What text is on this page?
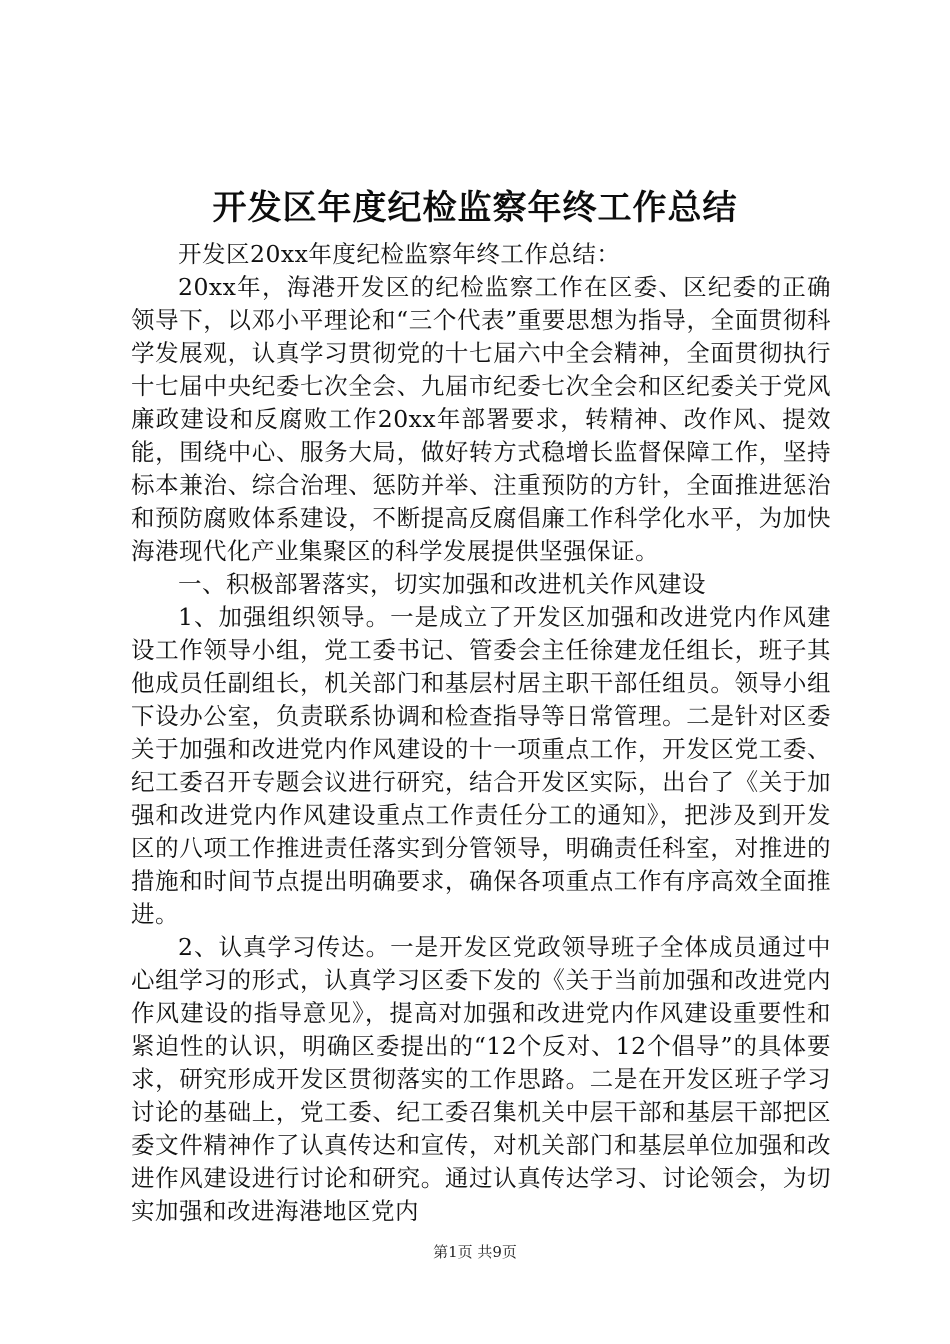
开发区年度纪检监察年终工作总结

开发区20xx年度纪检监察年终工作总结：

20xx年，海港开发区的纪检监察工作在区委、区纪委的正确领导下，以邓小平理论和“三个代表”重要思想为指导，全面贯彻科学发展观，认真学习贯彻党的十七届六中全会精神，全面贯彻执行十七届中央纪委七次全会、九届市纪委七次全会和区纪委关于党风廉政建设和反腐败工作20xx年部署要求，转精神、改作风、提效能，围绕中心、服务大局，做好转方式稳增长监督保障工作，坚持标本兼治、综合治理、惩防并举、注重预防的方针，全面推进惩治和预防腐败体系建设，不断提高反腐倡廉工作科学化水平，为加快海港现代化产业集聚区的科学发展提供坚强保证。

一、积极部署落实，切实加强和改进机关作风建设

1、加强组织领导。一是成立了开发区加强和改进党内作风建设工作领导小组，党工委书记、管委会主任徐建龙任组长，班子其他成员任副组长，机关部门和基层村居主职干部任组员。领导小组下设办公室，负责联系协调和检查指导等日常管理。二是针对区委关于加强和改进党内作风建设的十一项重点工作，开发区党工委、纪工委召开专题会议进行研究，结合开发区实际，出台了《关于加强和改进党内作风建设重点工作责任分工的通知》，把涉及到开发区的八项工作推进责任落实到分管领导，明确责任科室，对推进的措施和时间节点提出明确要求，确保各项重点工作有序高效全面推进。

2、认真学习传达。一是开发区党政领导班子全体成员通过中心组学习的形式，认真学习区委下发的《关于当前加强和改进党内作风建设的指导意见》，提高对加强和改进党内作风建设重要性和紧迫性的认识，明确区委提出的“12个反对、12个倡导”的具体要求，研究形成开发区贯彻落实的工作思路。二是在开发区班子学习讨论的基础上，党工委、纪工委召集机关中层干部和基层干部把区委文件精神作了认真传达和宣传，对机关部门和基层单位加强和改进作风建设进行讨论和研究。通过认真传达学习、讨论领会，为切实加强和改进海港地区党内

第1页 共9页
